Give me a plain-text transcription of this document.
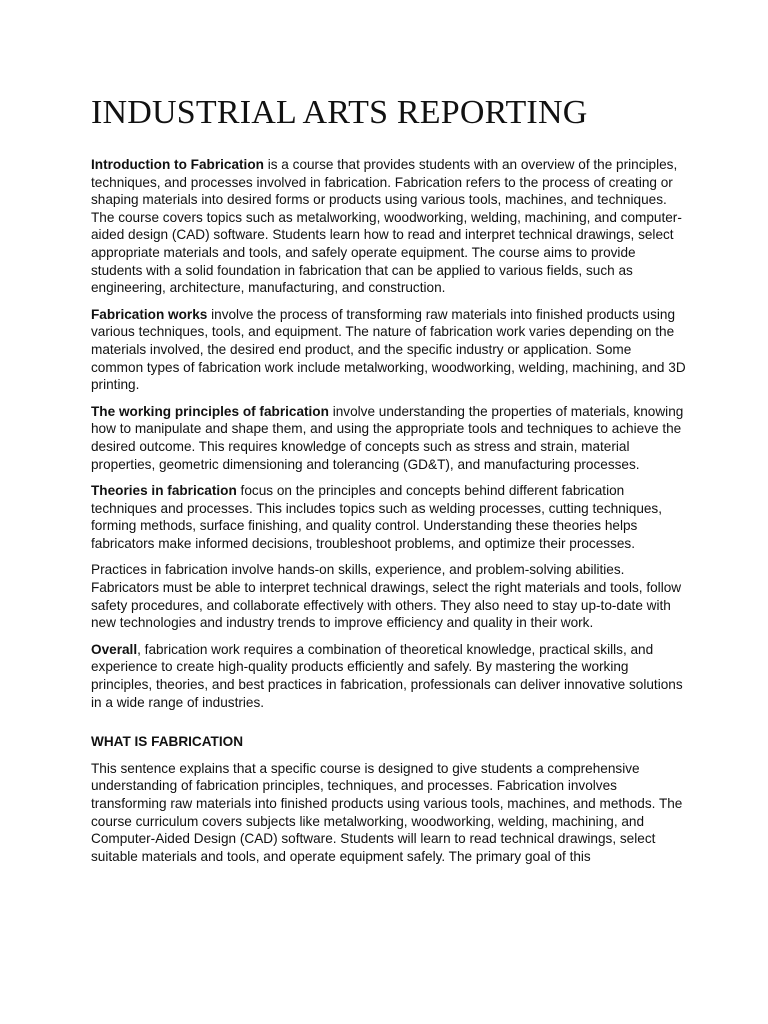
INDUSTRIAL ARTS REPORTING

Introduction to Fabrication is a course that provides students with an overview of the principles, techniques, and processes involved in fabrication. Fabrication refers to the process of creating or shaping materials into desired forms or products using various tools, machines, and techniques. The course covers topics such as metalworking, woodworking, welding, machining, and computer-aided design (CAD) software. Students learn how to read and interpret technical drawings, select appropriate materials and tools, and safely operate equipment. The course aims to provide students with a solid foundation in fabrication that can be applied to various fields, such as engineering, architecture, manufacturing, and construction.

Fabrication works involve the process of transforming raw materials into finished products using various techniques, tools, and equipment. The nature of fabrication work varies depending on the materials involved, the desired end product, and the specific industry or application. Some common types of fabrication work include metalworking, woodworking, welding, machining, and 3D printing.

The working principles of fabrication involve understanding the properties of materials, knowing how to manipulate and shape them, and using the appropriate tools and techniques to achieve the desired outcome. This requires knowledge of concepts such as stress and strain, material properties, geometric dimensioning and tolerancing (GD&T), and manufacturing processes.

Theories in fabrication focus on the principles and concepts behind different fabrication techniques and processes. This includes topics such as welding processes, cutting techniques, forming methods, surface finishing, and quality control. Understanding these theories helps fabricators make informed decisions, troubleshoot problems, and optimize their processes.

Practices in fabrication involve hands-on skills, experience, and problem-solving abilities. Fabricators must be able to interpret technical drawings, select the right materials and tools, follow safety procedures, and collaborate effectively with others. They also need to stay up-to-date with new technologies and industry trends to improve efficiency and quality in their work.

Overall, fabrication work requires a combination of theoretical knowledge, practical skills, and experience to create high-quality products efficiently and safely. By mastering the working principles, theories, and best practices in fabrication, professionals can deliver innovative solutions in a wide range of industries.

WHAT IS FABRICATION

This sentence explains that a specific course is designed to give students a comprehensive understanding of fabrication principles, techniques, and processes. Fabrication involves transforming raw materials into finished products using various tools, machines, and methods. The course curriculum covers subjects like metalworking, woodworking, welding, machining, and Computer-Aided Design (CAD) software. Students will learn to read technical drawings, select suitable materials and tools, and operate equipment safely. The primary goal of this
